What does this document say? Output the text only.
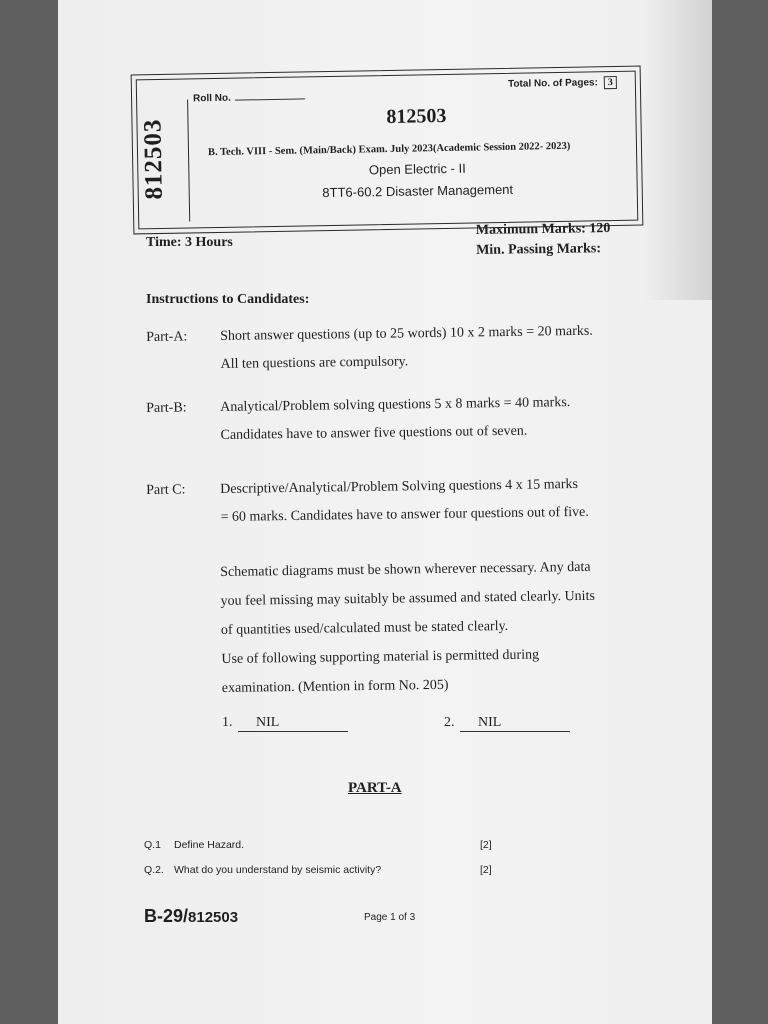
812503
Roll No.
Total No. of Pages: 3
812503
B. Tech. VIII - Sem. (Main/Back) Exam. July 2023(Academic Session 2022- 2023)
Open Electric - II
8TT6-60.2 Disaster Management
Time: 3 Hours
Maximum Marks: 120
Min. Passing Marks:
Instructions to Candidates:
Part-A: Short answer questions (up to 25 words) 10 x 2 marks = 20 marks.
All ten questions are compulsory.
Part-B: Analytical/Problem solving questions 5 x 8 marks = 40 marks.
Candidates have to answer five questions out of seven.
Part C: Descriptive/Analytical/Problem Solving questions 4 x 15 marks
= 60 marks. Candidates have to answer four questions out of five.
Schematic diagrams must be shown wherever necessary. Any data
you feel missing may suitably be assumed and stated clearly. Units
of quantities used/calculated must be stated clearly.
Use of following supporting material is permitted during
examination. (Mention in form No. 205)
1. NIL	2. NIL
PART-A
Q.1 Define Hazard.	[2]
Q.2. What do you understand by seismic activity?	[2]
B-29/812503	Page 1 of 3
